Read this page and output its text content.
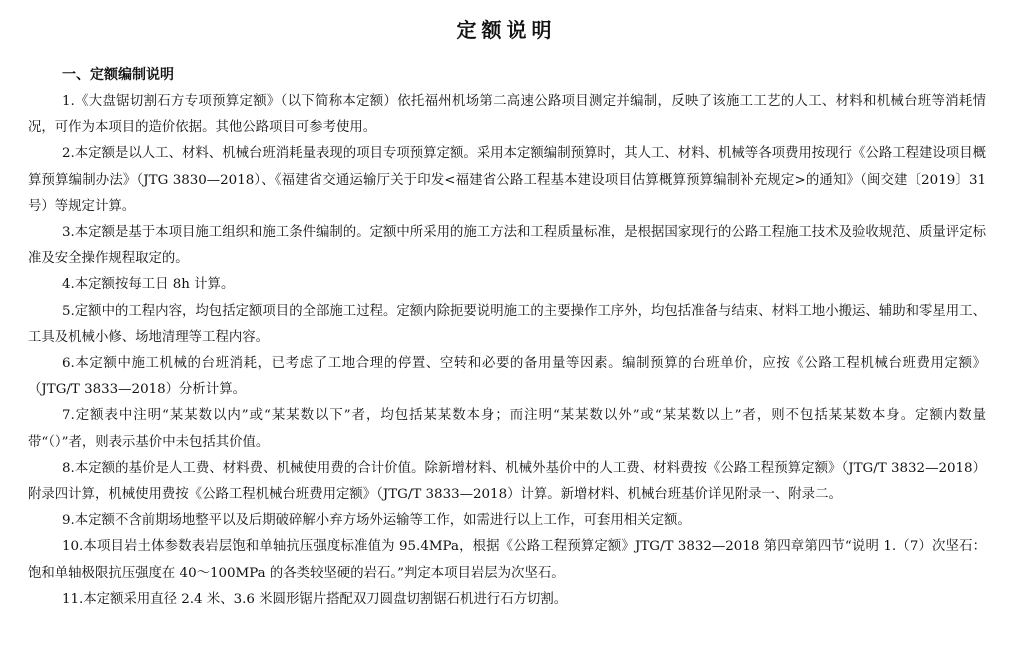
定额说明
一、定额编制说明

1.《大盘锯切割石方专项预算定额》（以下简称本定额）依托福州机场第二高速公路项目测定并编制，反映了该施工工艺的人工、材料和机械台班等消耗情况，可作为本项目的造价依据。其他公路项目可参考使用。

2.本定额是以人工、材料、机械台班消耗量表现的项目专项预算定额。采用本定额编制预算时，其人工、材料、机械等各项费用按现行《公路工程建设项目概算预算编制办法》（JTG 3830—2018）、《福建省交通运输厅关于印发<福建省公路工程基本建设项目估算概算预算编制补充规定>的通知》（闽交建〔2019〕31号）等规定计算。

3.本定额是基于本项目施工组织和施工条件编制的。定额中所采用的施工方法和工程质量标准，是根据国家现行的公路工程施工技术及验收规范、质量评定标准及安全操作规程取定的。

4.本定额按每工日 8h 计算。

5.定额中的工程内容，均包括定额项目的全部施工过程。定额内除扼要说明施工的主要操作工序外，均包括准备与结束、材料工地小搬运、辅助和零星用工、工具及机械小修、场地清理等工程内容。

6.本定额中施工机械的台班消耗，已考虑了工地合理的停置、空转和必要的备用量等因素。编制预算的台班单价，应按《公路工程机械台班费用定额》（JTG/T 3833—2018）分析计算。

7.定额表中注明“某某数以内”或“某某数以下”者，均包括某某数本身；而注明“某某数以外”或“某某数以上”者，则不包括某某数本身。定额内数量带“（）”者，则表示基价中未包括其价值。

8.本定额的基价是人工费、材料费、机械使用费的合计价值。除新增材料、机械外基价中的人工费、材料费按《公路工程预算定额》（JTG/T 3832—2018）附录四计算，机械使用费按《公路工程机械台班费用定额》（JTG/T 3833—2018）计算。新增材料、机械台班基价详见附录一、附录二。

9.本定额不含前期场地整平以及后期破碎解小弃方场外运输等工作，如需进行以上工作，可套用相关定额。

10.本项目岩土体参数表岩层饱和单轴抗压强度标准值为 95.4MPa，根据《公路工程预算定额》JTG/T 3832—2018 第四章第四节“说明 1.（7）次坚石：饱和单轴极限抗压强度在 40～100MPa 的各类较坚硬的岩石。”判定本项目岩层为次坚石。

11.本定额采用直径 2.4 米、3.6 米圆形锯片搭配双刀圆盘切割锯石机进行石方切割。
